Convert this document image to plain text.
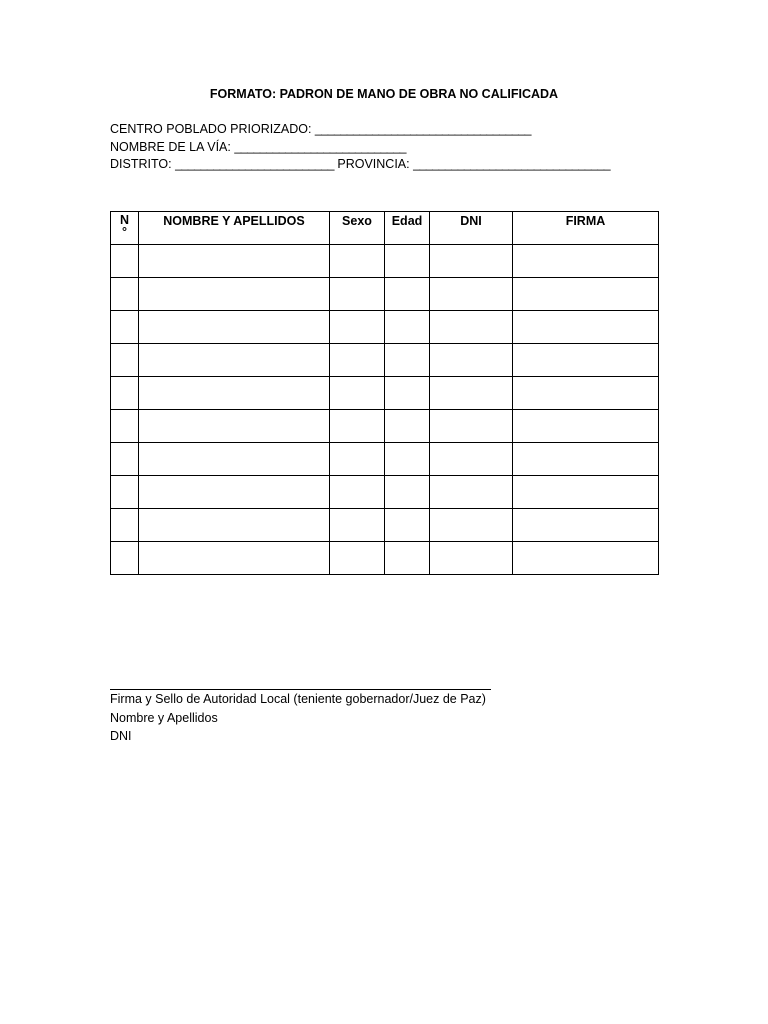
FORMATO: PADRON DE MANO DE OBRA NO CALIFICADA
CENTRO POBLADO PRIORIZADO: __________________________________
NOMBRE DE LA VÍA: ___________________________
DISTRITO: _________________________ PROVINCIA: _______________________________
N
°	NOMBRE Y APELLIDOS	Sexo	Edad	DNI	FIRMA

Firma y Sello de Autoridad Local (teniente gobernador/Juez de Paz)
Nombre y Apellidos
DNI
